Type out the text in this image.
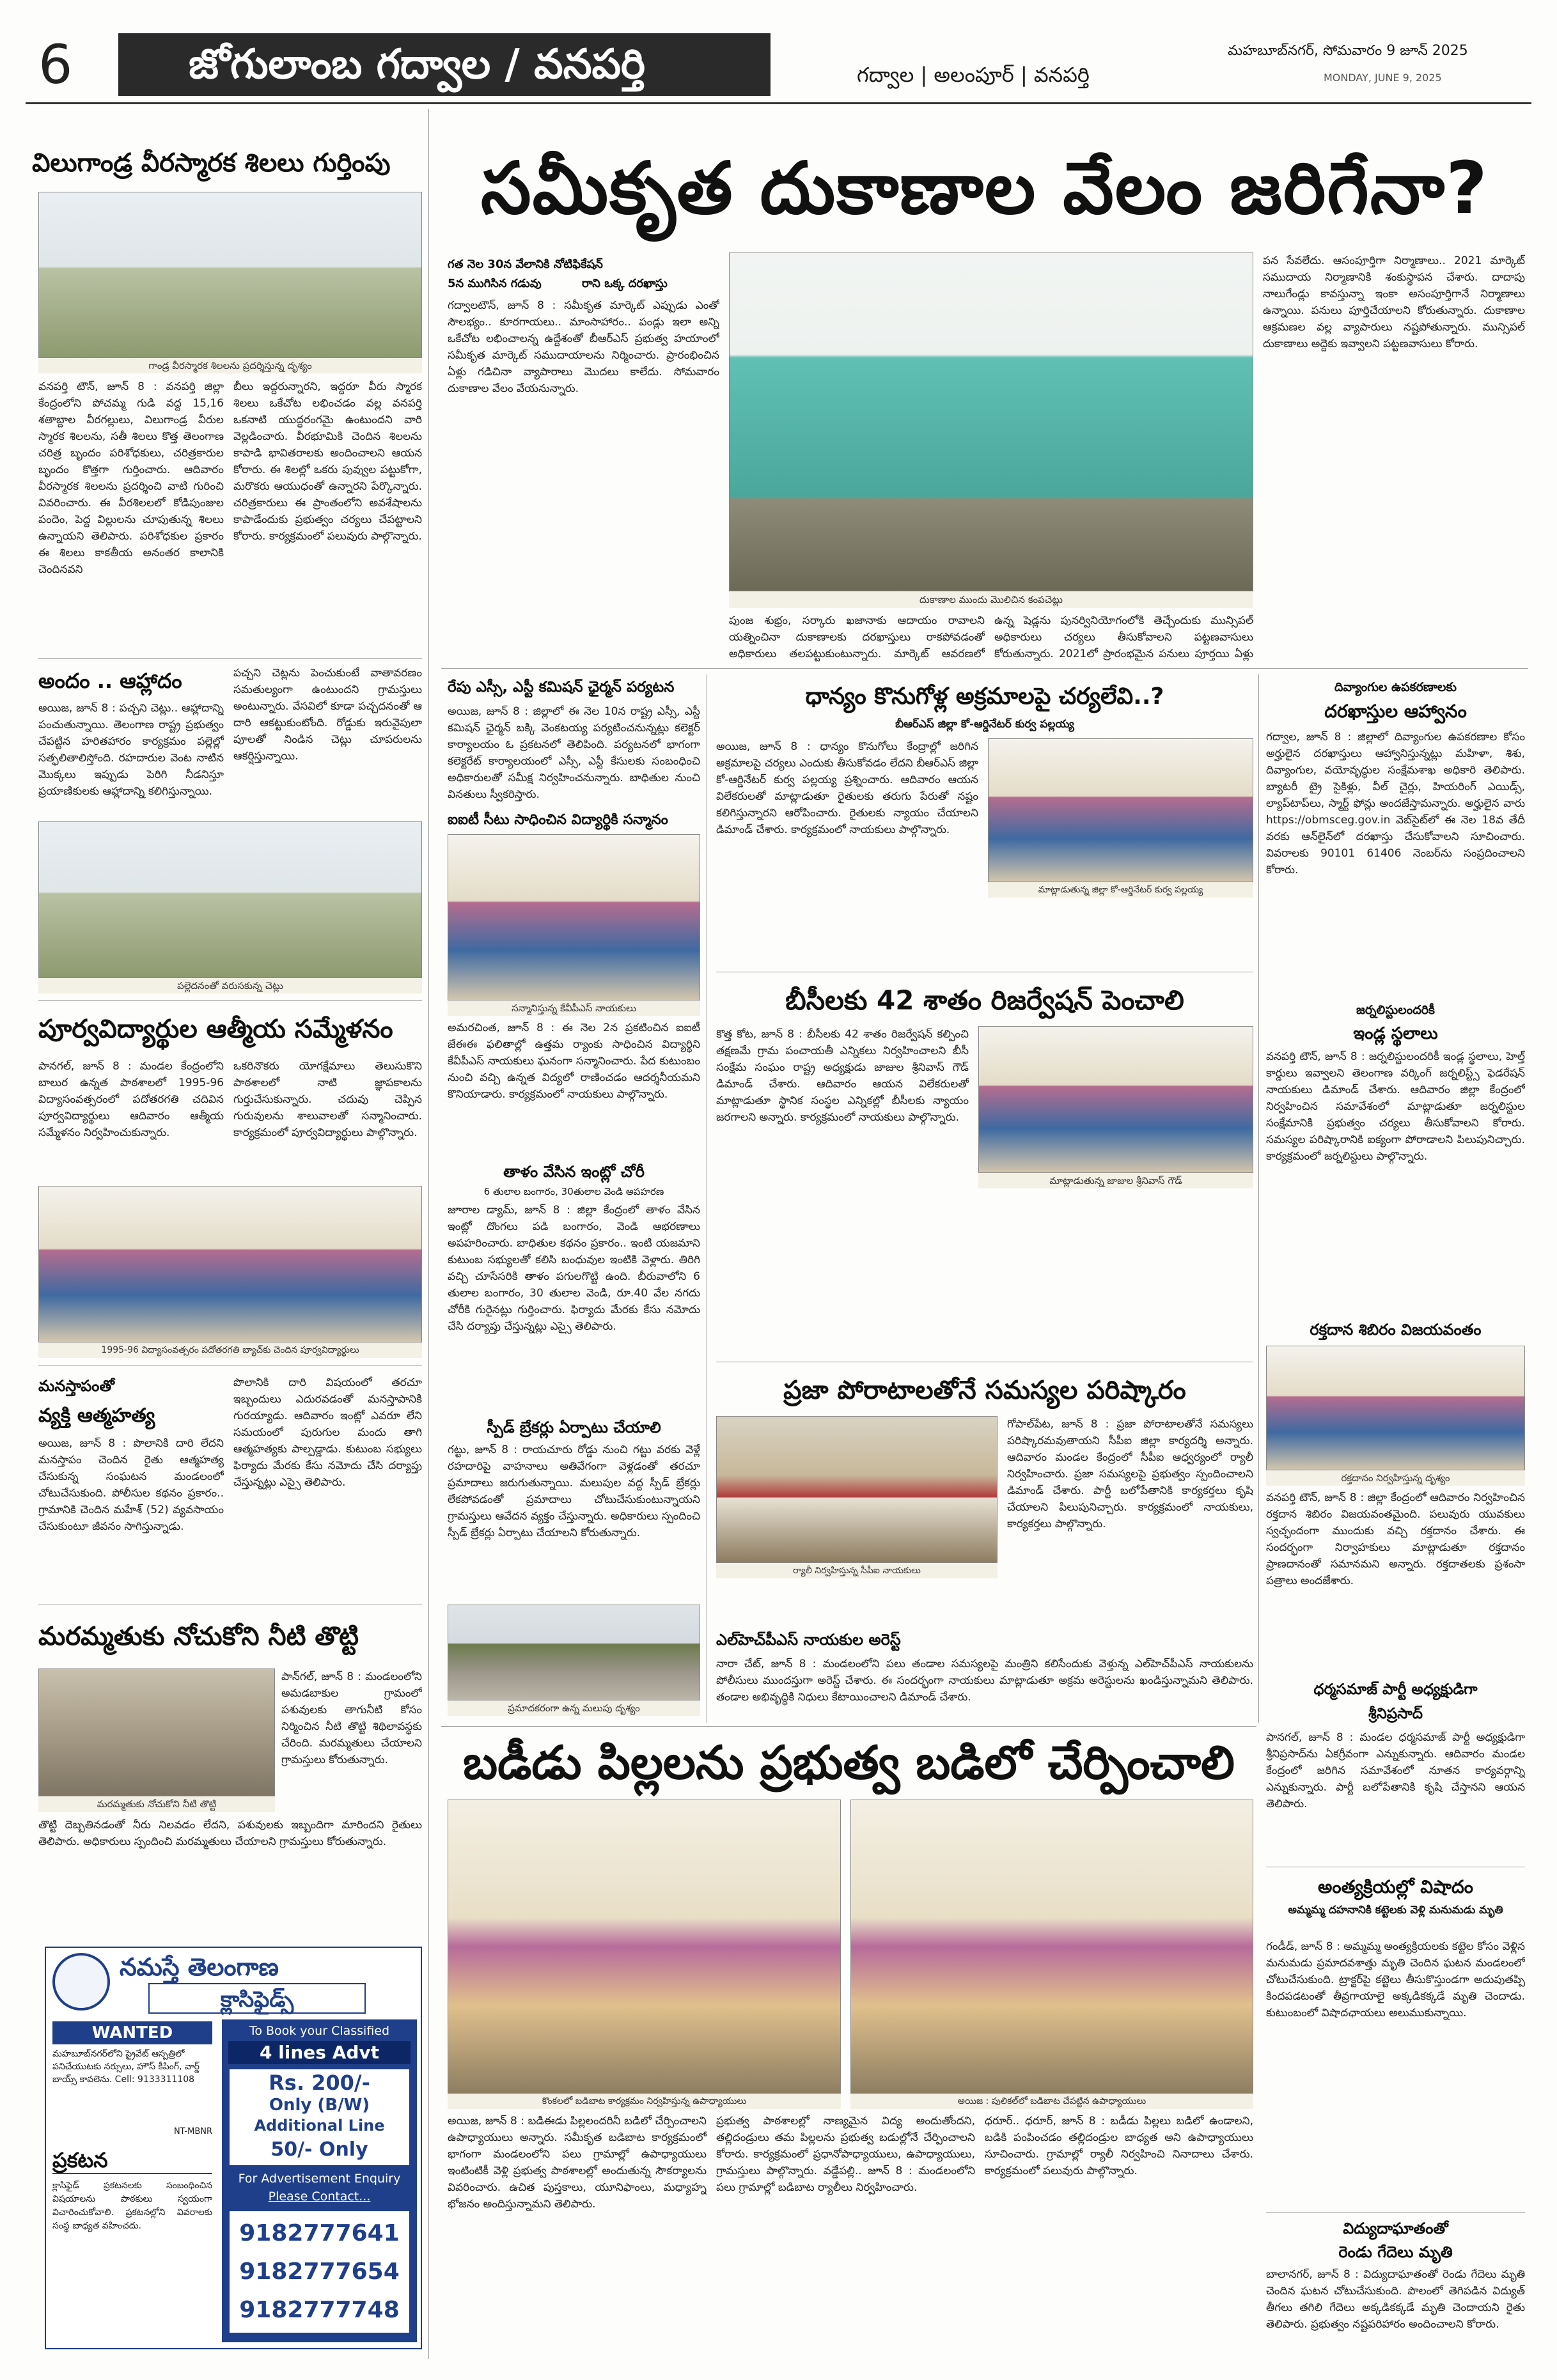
6	జోగులాంబ గద్వాల / వనపర్తి	గద్వాల | అలంపూర్ | వనపర్తి
మహబూబ్‌నగర్, సోమవారం 9 జూన్ 2025
MONDAY, JUNE 9, 2025
విలుగాండ్ర వీరస్మారక శిలలు గుర్తింపు
గాండ్ర వీరస్మారక శిలలను ప్రదర్శిస్తున్న దృశ్యం
వనపర్తి టౌన్, జూన్ 8 : వనపర్తి జిల్లా కేంద్రంలోని పోచమ్మ గుడి వద్ద 15,16 శతాబ్దాల వీరగల్లులు, విలుగాండ్ర వీరుల స్మారక శిలలను, సతీ శిలలు కొత్త తెలంగాణ చరిత్ర బృందం పరిశోధకులు, చరిత్రకారుల బృందం కొత్తగా గుర్తించారు. ఆదివారం వీరస్మారక శిలలను ప్రదర్శించి వాటి గురించి వివరించారు. ఈ వీరశిలలలో కోడిపుంజుల పందెం, పెద్ద విల్లులను చూపుతున్న శిలలు ఉన్నాయని తెలిపారు. పరిశోధకుల ప్రకారం ఈ శిలలు కాకతీయ అనంతర కాలానికి చెందినవని
బీలు ఇద్దరున్నారని, ఇద్దరూ వీరు స్మారక శిలలు ఒకేచోట లభించడం వల్ల వనపర్తి ఒకనాటి యుద్ధరంగమై ఉంటుందని వారి వెల్లడించారు. వీరభూమికి చెందిన శిలలను కాపాడి భావితరాలకు అందించాలని ఆయన కోరారు. ఈ శిలల్లో ఒకరు పువ్వుల పట్టుకోగా, మరొకరు ఆయుధంతో ఉన్నారని పేర్కొన్నారు. చరిత్రకారులు ఈ ప్రాంతంలోని అవశేషాలను కాపాడేందుకు ప్రభుత్వం చర్యలు చేపట్టాలని కోరారు. కార్యక్రమంలో పలువురు పాల్గొన్నారు.
అందం .. ఆహ్లాదం
అయిజ, జూన్ 8 : పచ్చని చెట్లు.. ఆహ్లాదాన్ని పంచుతున్నాయి. తెలంగాణ రాష్ట్ర ప్రభుత్వం చేపట్టిన హరితహారం కార్యక్రమం పల్లెల్లో సత్ఫలితాలిస్తోంది. రహదారుల వెంట నాటిన మొక్కలు ఇప్పుడు పెరిగి నీడనిస్తూ ప్రయాణికులకు ఆహ్లాదాన్ని కలిగిస్తున్నాయి.
పచ్చని చెట్లను పెంచుకుంటే వాతావరణం సమతుల్యంగా ఉంటుందని గ్రామస్తులు అంటున్నారు. వేసవిలో కూడా పచ్చదనంతో ఆ దారి ఆకట్టుకుంటోంది. రోడ్డుకు ఇరువైపులా పూలతో నిండిన చెట్లు చూపరులను ఆకర్షిస్తున్నాయి.
పల్లెదనంతో వరుసకున్న చెట్లు
పూర్వవిద్యార్థుల ఆత్మీయ సమ్మేళనం
పానగల్, జూన్ 8 : మండల కేంద్రంలోని బాలుర ఉన్నత పాఠశాలలో 1995-96 విద్యాసంవత్సరంలో పదోతరగతి చదివిన పూర్వవిద్యార్థులు ఆదివారం ఆత్మీయ సమ్మేళనం నిర్వహించుకున్నారు.
ఒకరినొకరు యోగక్షేమాలు తెలుసుకొని పాఠశాలలో నాటి జ్ఞాపకాలను గుర్తుచేసుకున్నారు. చదువు చెప్పిన గురువులను శాలువాలతో సన్మానించారు. కార్యక్రమంలో పూర్వవిద్యార్థులు పాల్గొన్నారు.
1995-96 విద్యాసంవత్సరం పదోతరగతి బ్యాచ్‌కు చెందిన పూర్వవిద్యార్థులు
మనస్తాపంతో
వ్యక్తి ఆత్మహత్య
అయిజ, జూన్ 8 : పొలానికి దారి లేదని మనస్తాపం చెందిన రైతు ఆత్మహత్య చేసుకున్న సంఘటన మండలంలో చోటుచేసుకుంది. పోలీసుల కథనం ప్రకారం.. గ్రామానికి చెందిన మహేశ్ (52) వ్యవసాయం చేసుకుంటూ జీవనం సాగిస్తున్నాడు.
పొలానికి దారి విషయంలో తరచూ ఇబ్బందులు ఎదురవడంతో మనస్తాపానికి గురయ్యాడు. ఆదివారం ఇంట్లో ఎవరూ లేని సమయంలో పురుగుల మందు తాగి ఆత్మహత్యకు పాల్పడ్డాడు. కుటుంబ సభ్యులు ఫిర్యాదు మేరకు కేసు నమోదు చేసి దర్యాప్తు చేస్తున్నట్లు ఎస్సై తెలిపారు.
మరమ్మతుకు నోచుకోని నీటి తొట్టి
మరమ్మతుకు నోచుకోని నీటి తొట్టి
పాన్‌గల్, జూన్ 8 : మండలంలోని అమడబాకుల గ్రామంలో పశువులకు తాగునీటి కోసం నిర్మించిన నీటి తొట్టి శిథిలావస్థకు చేరింది. మరమ్మతులు చేయాలని గ్రామస్తులు కోరుతున్నారు.
తొట్టి దెబ్బతినడంతో నీరు నిలవడం లేదని, పశువులకు ఇబ్బందిగా మారిందని రైతులు తెలిపారు. అధికారులు స్పందించి మరమ్మతులు చేయాలని గ్రామస్తులు కోరుతున్నారు.
నమస్తే తెలంగాణ
క్లాసిఫైడ్స్
WANTED
మహబూబ్‌నగర్‌లోని ప్రైవేట్ ఆస్పత్రిలో పనిచేయుటకు నర్సులు, హౌస్ కీపింగ్, వార్డ్ బాయ్స్ కావలెను. Cell: 9133311108
NT-MBNR
To Book your Classified
4 lines Advt
Rs. 200/-
Only (B/W)
Additional Line
50/- Only
For Advertisement Enquiry
Please Contact...
9182777641
9182777654
9182777748
ప్రకటన
క్లాసిఫైడ్ ప్రకటనలకు సంబంధించిన విషయాలను పాఠకులు స్వయంగా విచారించుకోవాలి. ప్రకటనల్లోని వివరాలకు సంస్థ బాధ్యత వహించదు.
సమీకృత దుకాణాల వేలం జరిగేనా?
గత నెల 30న వేలానికి నోటిఫికేషన్
5న ముగిసిన గడువు	రాని ఒక్క దరఖాస్తు
గద్వాలటౌన్, జూన్ 8 : సమీకృత మార్కెట్ ఎప్పుడు ఎంతో సౌలభ్యం.. కూరగాయలు.. మాంసాహారం.. పండ్లు ఇలా అన్ని ఒకేచోట లభించాలన్న ఉద్దేశంతో బీఆర్‌ఎస్ ప్రభుత్వ హయాంలో సమీకృత మార్కెట్ సముదాయాలను నిర్మించారు. ప్రారంభించిన ఏళ్లు గడిచినా వ్యాపారాలు మొదలు కాలేదు. సోమవారం దుకాణాల వేలం వేయనున్నారు.
దుకాణాల ముందు మొలిచిన కంపచెట్లు
పుంజ శుభ్రం, సర్కారు ఖజానాకు ఆదాయం రావాలని యత్నించినా దుకాణాలకు దరఖాస్తులు రాకపోవడంతో అధికారులు తలపట్టుకుంటున్నారు. మార్కెట్ ఆవరణలో
ఉన్న షెడ్లను పునర్వినియోగంలోకి తెచ్చేందుకు మున్సిపల్ అధికారులు చర్యలు తీసుకోవాలని పట్టణవాసులు కోరుతున్నారు. 2021లో ప్రారంభమైన పనులు పూర్తయి ఏళ్లు
పన సేవలేదు. ఆసంపూర్తిగా నిర్మాణాలు.. 2021 మార్కెట్ సముదాయ నిర్మాణానికి శంకుస్థాపన చేశారు. దాదాపు నాలుగేండ్లు కావస్తున్నా ఇంకా అసంపూర్తిగానే నిర్మాణాలు ఉన్నాయి. పనులు పూర్తిచేయాలని కోరుతున్నారు. దుకాణాల ఆక్రమణల వల్ల వ్యాపారులు నష్టపోతున్నారు. మున్సిపల్ దుకాణాలు అద్దెకు ఇవ్వాలని పట్టణవాసులు కోరారు.
రేపు ఎస్సీ, ఎస్టీ కమిషన్ ఛైర్మన్ పర్యటన
అయిజ, జూన్ 8 : జిల్లాలో ఈ నెల 10న రాష్ట్ర ఎస్సీ, ఎస్టీ కమిషన్ ఛైర్మన్ బక్కి వెంకటయ్య పర్యటించనున్నట్లు కలెక్టర్ కార్యాలయం ఓ ప్రకటనలో తెలిపింది. పర్యటనలో భాగంగా కలెక్టరేట్ కార్యాలయంలో ఎస్సీ, ఎస్టీ కేసులకు సంబంధించి అధికారులతో సమీక్ష నిర్వహించనున్నారు. బాధితుల నుంచి వినతులు స్వీకరిస్తారు.
ఐఐటీ సీటు సాధించిన విద్యార్థికి సన్మానం
సన్మానిస్తున్న కేవీపీఎస్ నాయకులు
అమరచింత, జూన్ 8 : ఈ నెల 2న ప్రకటించిన ఐఐటీ జేఈఈ ఫలితాల్లో ఉత్తమ ర్యాంకు సాధించిన విద్యార్థిని కేవీపీఎస్ నాయకులు ఘనంగా సన్మానించారు. పేద కుటుంబం నుంచి వచ్చి ఉన్నత విద్యలో రాణించడం ఆదర్శనీయమని కొనియాడారు. కార్యక్రమంలో నాయకులు పాల్గొన్నారు.
తాళం వేసిన ఇంట్లో చోరీ
6 తులాల బంగారం, 30తులాల వెండి అపహరణ
జూరాల డ్యామ్, జూన్ 8 : జిల్లా కేంద్రంలో తాళం వేసిన ఇంట్లో దొంగలు పడి బంగారం, వెండి ఆభరణాలు అపహరించారు. బాధితుల కథనం ప్రకారం.. ఇంటి యజమాని కుటుంబ సభ్యులతో కలిసి బంధువుల ఇంటికి వెళ్లారు. తిరిగి వచ్చి చూసేసరికి తాళం పగులగొట్టి ఉంది. బీరువాలోని 6 తులాల బంగారం, 30 తులాల వెండి, రూ.40 వేల నగదు చోరీకి గురైనట్లు గుర్తించారు. ఫిర్యాదు మేరకు కేసు నమోదు చేసి దర్యాప్తు చేస్తున్నట్లు ఎస్సై తెలిపారు.
స్పీడ్ బ్రేకర్లు ఏర్పాటు చేయాలి
గట్టు, జూన్ 8 : రాయచూరు రోడ్డు నుంచి గట్టు వరకు వెళ్లే రహదారిపై వాహనాలు అతివేగంగా వెళ్లడంతో తరచూ ప్రమాదాలు జరుగుతున్నాయి. మలుపుల వద్ద స్పీడ్ బ్రేకర్లు లేకపోవడంతో ప్రమాదాలు చోటుచేసుకుంటున్నాయని గ్రామస్తులు ఆవేదన వ్యక్తం చేస్తున్నారు. అధికారులు స్పందించి స్పీడ్ బ్రేకర్లు ఏర్పాటు చేయాలని కోరుతున్నారు.
ప్రమాదకరంగా ఉన్న మలుపు దృశ్యం
ధాన్యం కొనుగోళ్ల అక్రమాలపై చర్యలేవి..?
బీఆర్‌ఎస్ జిల్లా కో-ఆర్డినేటర్ కుర్వ పల్లయ్య
అయిజ, జూన్ 8 : ధాన్యం కొనుగోలు కేంద్రాల్లో జరిగిన అక్రమాలపై చర్యలు ఎందుకు తీసుకోవడం లేదని బీఆర్‌ఎస్ జిల్లా కో-ఆర్డినేటర్ కుర్వ పల్లయ్య ప్రశ్నించారు. ఆదివారం ఆయన విలేకరులతో మాట్లాడుతూ రైతులకు తరుగు పేరుతో నష్టం కలిగిస్తున్నారని ఆరోపించారు. రైతులకు న్యాయం చేయాలని డిమాండ్ చేశారు. కార్యక్రమంలో నాయకులు పాల్గొన్నారు.
మాట్లాడుతున్న జిల్లా కో-ఆర్డినేటర్ కుర్వ పల్లయ్య
బీసీలకు 42 శాతం రిజర్వేషన్ పెంచాలి
కొత్త కోట, జూన్ 8 : బీసీలకు 42 శాతం రిజర్వేషన్ కల్పించి తక్షణమే గ్రామ పంచాయతీ ఎన్నికలు నిర్వహించాలని బీసీ సంక్షేమ సంఘం రాష్ట్ర అధ్యక్షుడు జాజుల శ్రీనివాస్ గౌడ్ డిమాండ్ చేశారు. ఆదివారం ఆయన విలేకరులతో మాట్లాడుతూ స్థానిక సంస్థల ఎన్నికల్లో బీసీలకు న్యాయం జరగాలని అన్నారు. కార్యక్రమంలో నాయకులు పాల్గొన్నారు.
మాట్లాడుతున్న జాజుల శ్రీనివాస్ గౌడ్
ప్రజా పోరాటాలతోనే సమస్యల పరిష్కారం
ర్యాలీ నిర్వహిస్తున్న సీపీఐ నాయకులు
గోపాల్‌పేట, జూన్ 8 : ప్రజా పోరాటాలతోనే సమస్యలు పరిష్కారమవుతాయని సీపీఐ జిల్లా కార్యదర్శి అన్నారు. ఆదివారం మండల కేంద్రంలో సీపీఐ ఆధ్వర్యంలో ర్యాలీ నిర్వహించారు. ప్రజా సమస్యలపై ప్రభుత్వం స్పందించాలని డిమాండ్ చేశారు. పార్టీ బలోపేతానికి కార్యకర్తలు కృషి చేయాలని పిలుపునిచ్చారు. కార్యక్రమంలో నాయకులు, కార్యకర్తలు పాల్గొన్నారు.
ఎల్‌హెచ్‌పీఎస్ నాయకుల అరెస్ట్
నారా చేట్, జూన్ 8 : మండలంలోని పలు తండాల సమస్యలపై మంత్రిని కలిసేందుకు వెళ్తున్న ఎల్‌హెచ్‌పీఎస్ నాయకులను పోలీసులు ముందస్తుగా అరెస్ట్ చేశారు. ఈ సందర్భంగా నాయకులు మాట్లాడుతూ అక్రమ అరెస్టులను ఖండిస్తున్నామని తెలిపారు. తండాల అభివృద్ధికి నిధులు కేటాయించాలని డిమాండ్ చేశారు.
దివ్యాంగుల ఉపకరణాలకు
దరఖాస్తుల ఆహ్వానం
గద్వాల, జూన్ 8 : జిల్లాలో దివ్యాంగుల ఉపకరణాల కోసం అర్హులైన దరఖాస్తులు ఆహ్వానిస్తున్నట్లు మహిళా, శిశు, దివ్యాంగుల, వయోవృద్ధుల సంక్షేమశాఖ అధికారి తెలిపారు. బ్యాటరీ ట్రై సైకిళ్లు, వీల్ చైర్లు, హియరింగ్ ఎయిడ్స్, ల్యాప్‌టాప్‌లు, స్మార్ట్ ఫోన్లు అందజేస్తామన్నారు. అర్హులైన వారు https://obmsceg.gov.in వెబ్‌సైట్‌లో ఈ నెల 18వ తేదీ వరకు ఆన్‌లైన్‌లో దరఖాస్తు చేసుకోవాలని సూచించారు. వివరాలకు 90101 61406 నెంబర్‌ను సంప్రదించాలని కోరారు.
జర్నలిస్టులందరికీ
ఇండ్ల స్థలాలు
వనపర్తి టౌన్, జూన్ 8 : జర్నలిస్టులందరికీ ఇండ్ల స్థలాలు, హెల్త్ కార్డులు ఇవ్వాలని తెలంగాణ వర్కింగ్ జర్నలిస్ట్స్ ఫెడరేషన్ నాయకులు డిమాండ్ చేశారు. ఆదివారం జిల్లా కేంద్రంలో నిర్వహించిన సమావేశంలో మాట్లాడుతూ జర్నలిస్టుల సంక్షేమానికి ప్రభుత్వం చర్యలు తీసుకోవాలని కోరారు. సమస్యల పరిష్కారానికి ఐక్యంగా పోరాడాలని పిలుపునిచ్చారు. కార్యక్రమంలో జర్నలిస్టులు పాల్గొన్నారు.
రక్తదాన శిబిరం విజయవంతం
రక్తదానం నిర్వహిస్తున్న దృశ్యం
వనపర్తి టౌన్, జూన్ 8 : జిల్లా కేంద్రంలో ఆదివారం నిర్వహించిన రక్తదాన శిబిరం విజయవంతమైంది. పలువురు యువకులు స్వచ్ఛందంగా ముందుకు వచ్చి రక్తదానం చేశారు. ఈ సందర్భంగా నిర్వాహకులు మాట్లాడుతూ రక్తదానం ప్రాణదానంతో సమానమని అన్నారు. రక్తదాతలకు ప్రశంసా పత్రాలు అందజేశారు.
ధర్మసమాజ్ పార్టీ అధ్యక్షుడిగా
శ్రీనిప్రసాద్
పానగల్, జూన్ 8 : మండల ధర్మసమాజ్ పార్టీ అధ్యక్షుడిగా శ్రీనిప్రసాద్‌ను ఏకగ్రీవంగా ఎన్నుకున్నారు. ఆదివారం మండల కేంద్రంలో జరిగిన సమావేశంలో నూతన కార్యవర్గాన్ని ఎన్నుకున్నారు. పార్టీ బలోపేతానికి కృషి చేస్తానని ఆయన తెలిపారు.
అంత్యక్రియల్లో విషాదం
అమ్మమ్మ దహనానికి కట్టెలకు వెళ్లి మనుమడు మృతి
గండీడ్, జూన్ 8 : అమ్మమ్మ అంత్యక్రియలకు కట్టెల కోసం వెళ్లిన మనుమడు ప్రమాదవశాత్తు మృతి చెందిన ఘటన మండలంలో చోటుచేసుకుంది. ట్రాక్టర్‌పై కట్టెలు తీసుకొస్తుండగా అదుపుతప్పి కిందపడటంతో తీవ్రగాయాలై అక్కడికక్కడే మృతి చెందాడు. కుటుంబంలో విషాదఛాయలు అలుముకున్నాయి.
విద్యుదాఘాతంతో
రెండు గేదెలు మృతి
బాలానగర్, జూన్ 8 : విద్యుదాఘాతంతో రెండు గేదెలు మృతి చెందిన ఘటన చోటుచేసుకుంది. పొలంలో తెగిపడిన విద్యుత్ తీగలు తగిలి గేదెలు అక్కడికక్కడే మృతి చెందాయని రైతు తెలిపారు. ప్రభుత్వం నష్టపరిహారం అందించాలని కోరారు.
బడీడు పిల్లలను ప్రభుత్వ బడిలో చేర్పించాలి
కొంకలలో బడిబాట కార్యక్రమం నిర్వహిస్తున్న ఉపాధ్యాయులు	అయిజ : పులికల్‌లో బడిబాట చేపట్టిన ఉపాధ్యాయులు
అయిజ, జూన్ 8 : బడిఈడు పిల్లలందరినీ బడిలో చేర్పించాలని ఉపాధ్యాయులు అన్నారు. సమీకృత బడిబాట కార్యక్రమంలో భాగంగా మండలంలోని పలు గ్రామాల్లో ఉపాధ్యాయులు ఇంటింటికీ వెళ్లి ప్రభుత్వ పాఠశాలల్లో అందుతున్న సౌకర్యాలను వివరించారు. ఉచిత పుస్తకాలు, యూనిఫాంలు, మధ్యాహ్న భోజనం అందిస్తున్నామని తెలిపారు.
ప్రభుత్వ పాఠశాలల్లో నాణ్యమైన విద్య అందుతోందని, తల్లిదండ్రులు తమ పిల్లలను ప్రభుత్వ బడుల్లోనే చేర్పించాలని కోరారు. కార్యక్రమంలో ప్రధానోపాధ్యాయులు, ఉపాధ్యాయులు, గ్రామస్తులు పాల్గొన్నారు. వడ్డేపల్లి.. జూన్ 8 : మండలంలోని పలు గ్రామాల్లో బడిబాట ర్యాలీలు నిర్వహించారు.
ధరూర్.. ధరూర్, జూన్ 8 : బడీడు పిల్లలు బడిలో ఉండాలని, బడికి పంపించడం తల్లిదండ్రుల బాధ్యత అని ఉపాధ్యాయులు సూచించారు. గ్రామాల్లో ర్యాలీ నిర్వహించి నినాదాలు చేశారు. కార్యక్రమంలో పలువురు పాల్గొన్నారు.
